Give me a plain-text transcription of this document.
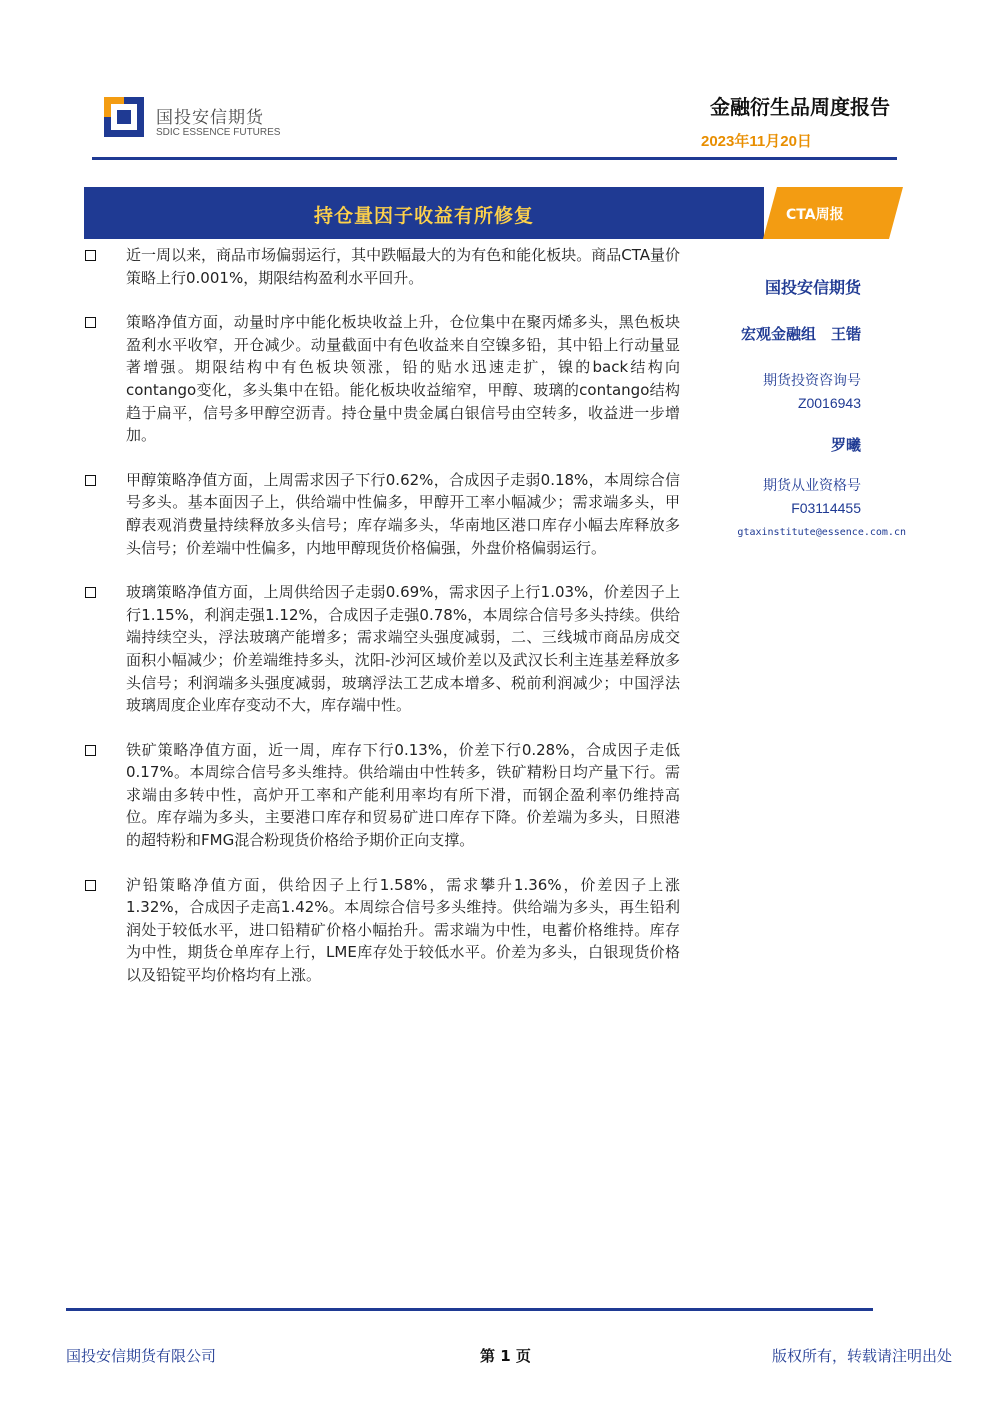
国投安信期货
SDIC ESSENCE FUTURES
金融衍生品周度报告
2023年11月20日
持仓量因子收益有所修复	CTA周报
近一周以来，商品市场偏弱运行，其中跌幅最大的为有色和能化板块。商品CTA量价策略上行0.001%，期限结构盈利水平回升。
策略净值方面，动量时序中能化板块收益上升，仓位集中在聚丙烯多头，黑色板块盈利水平收窄，开仓减少。动量截面中有色收益来自空镍多铅，其中铅上行动量显著增强。期限结构中有色板块领涨，铅的贴水迅速走扩，镍的back结构向contango变化，多头集中在铅。能化板块收益缩窄，甲醇、玻璃的contango结构趋于扁平，信号多甲醇空沥青。持仓量中贵金属白银信号由空转多，收益进一步增加。
甲醇策略净值方面，上周需求因子下行0.62%，合成因子走弱0.18%，本周综合信号多头。基本面因子上，供给端中性偏多，甲醇开工率小幅减少；需求端多头，甲醇表观消费量持续释放多头信号；库存端多头，华南地区港口库存小幅去库释放多头信号；价差端中性偏多，内地甲醇现货价格偏强，外盘价格偏弱运行。
玻璃策略净值方面，上周供给因子走弱0.69%，需求因子上行1.03%，价差因子上行1.15%，利润走强1.12%，合成因子走强0.78%，本周综合信号多头持续。供给端持续空头，浮法玻璃产能增多；需求端空头强度减弱，二、三线城市商品房成交面积小幅减少；价差端维持多头，沈阳-沙河区域价差以及武汉长利主连基差释放多头信号；利润端多头强度减弱，玻璃浮法工艺成本增多、税前利润减少；中国浮法玻璃周度企业库存变动不大，库存端中性。
铁矿策略净值方面，近一周，库存下行0.13%，价差下行0.28%，合成因子走低0.17%。本周综合信号多头维持。供给端由中性转多，铁矿精粉日均产量下行。需求端由多转中性，高炉开工率和产能利用率均有所下滑，而钢企盈利率仍维持高位。库存端为多头，主要港口库存和贸易矿进口库存下降。价差端为多头，日照港的超特粉和FMG混合粉现货价格给予期价正向支撑。
沪铅策略净值方面，供给因子上行1.58%，需求攀升1.36%，价差因子上涨1.32%，合成因子走高1.42%。本周综合信号多头维持。供给端为多头，再生铅利润处于较低水平，进口铅精矿价格小幅抬升。需求端为中性，电蓄价格维持。库存为中性，期货仓单库存上行，LME库存处于较低水平。价差为多头，白银现货价格以及铅锭平均价格均有上涨。
国投安信期货
宏观金融组　王锴
期货投资咨询号
Z0016943
罗曦
期货从业资格号
F03114455
gtaxinstitute@essence.com.cn
国投安信期货有限公司	第 1 页	版权所有，转载请注明出处
